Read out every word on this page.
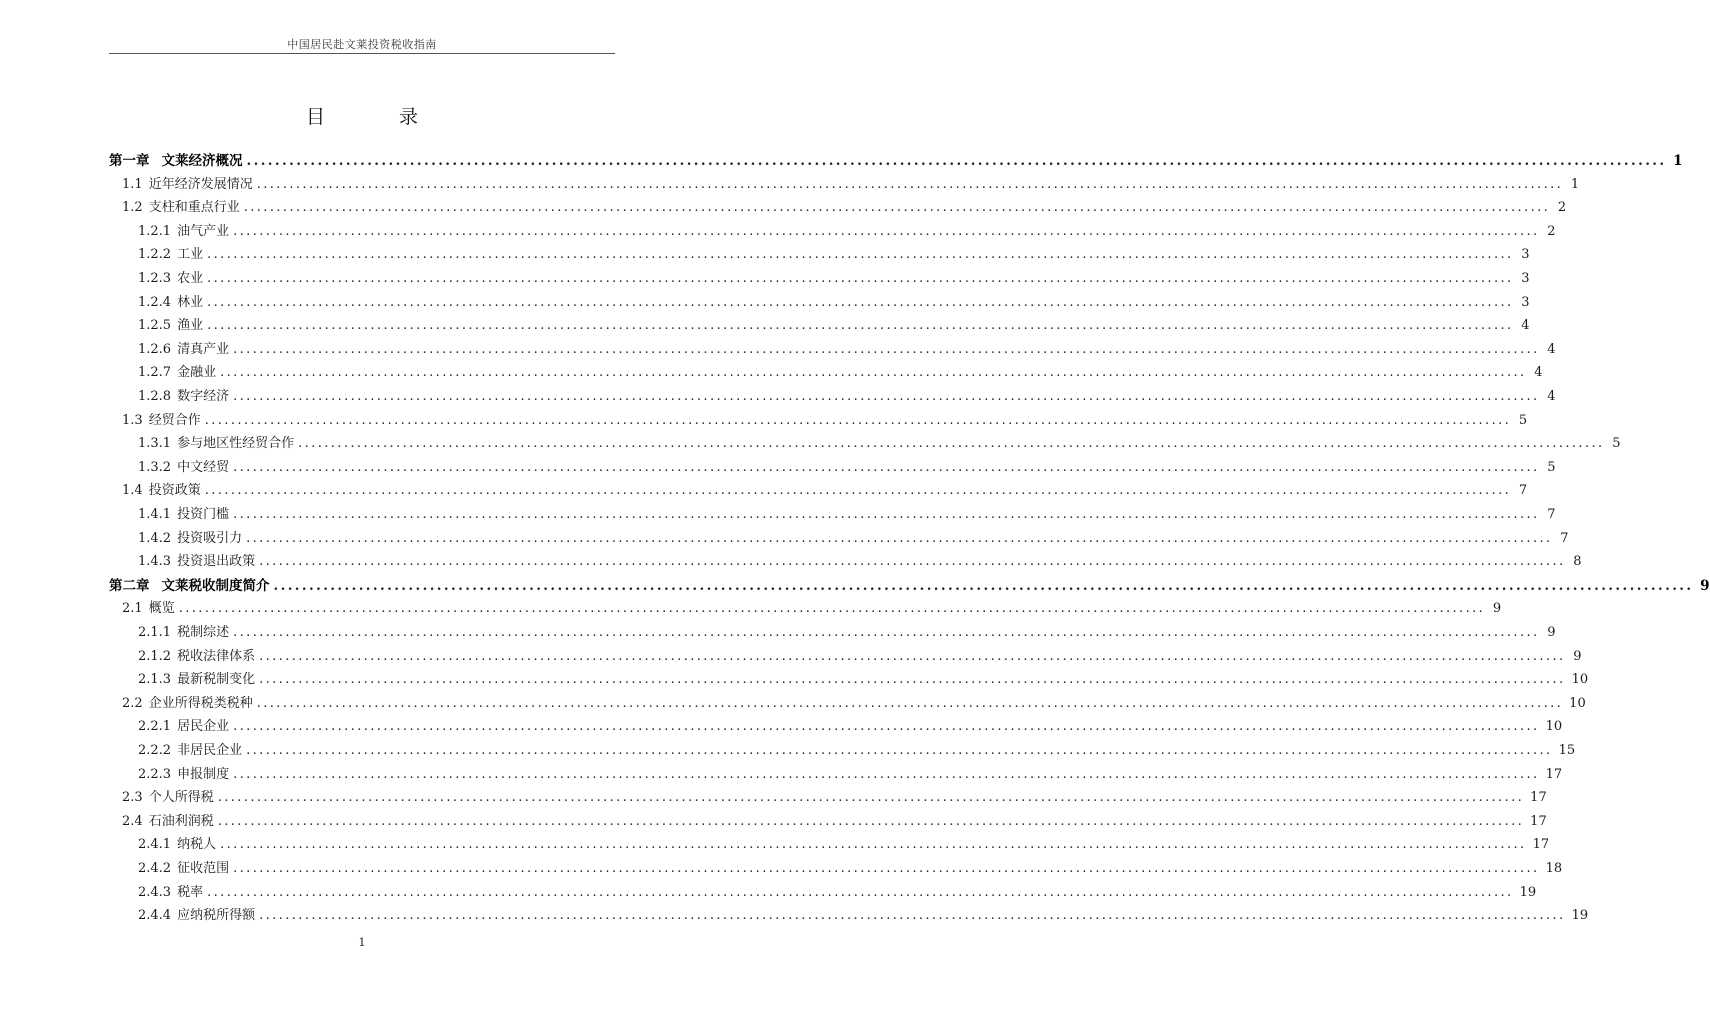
中国居民赴文莱投资税收指南
目 录
第一章 文莱经济概况 ........................................................................................................................................................................................................ 1
1.1 近年经济发展情况 ........................................................................................................................................................................................................ 1
1.2 支柱和重点行业 ........................................................................................................................................................................................................ 2
1.2.1 油气产业 ........................................................................................................................................................................................................ 2
1.2.2 工业 ........................................................................................................................................................................................................ 3
1.2.3 农业 ........................................................................................................................................................................................................ 3
1.2.4 林业 ........................................................................................................................................................................................................ 3
1.2.5 渔业 ........................................................................................................................................................................................................ 4
1.2.6 清真产业 ........................................................................................................................................................................................................ 4
1.2.7 金融业 ........................................................................................................................................................................................................ 4
1.2.8 数字经济 ........................................................................................................................................................................................................ 4
1.3 经贸合作 ........................................................................................................................................................................................................ 5
1.3.1 参与地区性经贸合作 ........................................................................................................................................................................................................ 5
1.3.2 中文经贸 ........................................................................................................................................................................................................ 5
1.4 投资政策 ........................................................................................................................................................................................................ 7
1.4.1 投资门槛 ........................................................................................................................................................................................................ 7
1.4.2 投资吸引力 ........................................................................................................................................................................................................ 7
1.4.3 投资退出政策 ........................................................................................................................................................................................................ 8
第二章 文莱税收制度简介 ........................................................................................................................................................................................................ 9
2.1 概览 ........................................................................................................................................................................................................ 9
2.1.1 税制综述 ........................................................................................................................................................................................................ 9
2.1.2 税收法律体系 ........................................................................................................................................................................................................ 9
2.1.3 最新税制变化 ........................................................................................................................................................................................................ 10
2.2 企业所得税类税种 ........................................................................................................................................................................................................ 10
2.2.1 居民企业 ........................................................................................................................................................................................................ 10
2.2.2 非居民企业 ........................................................................................................................................................................................................ 15
2.2.3 申报制度 ........................................................................................................................................................................................................ 17
2.3 个人所得税 ........................................................................................................................................................................................................ 17
2.4 石油利润税 ........................................................................................................................................................................................................ 17
2.4.1 纳税人 ........................................................................................................................................................................................................ 17
2.4.2 征收范围 ........................................................................................................................................................................................................ 18
2.4.3 税率 ........................................................................................................................................................................................................ 19
2.4.4 应纳税所得额 ........................................................................................................................................................................................................ 19
1
